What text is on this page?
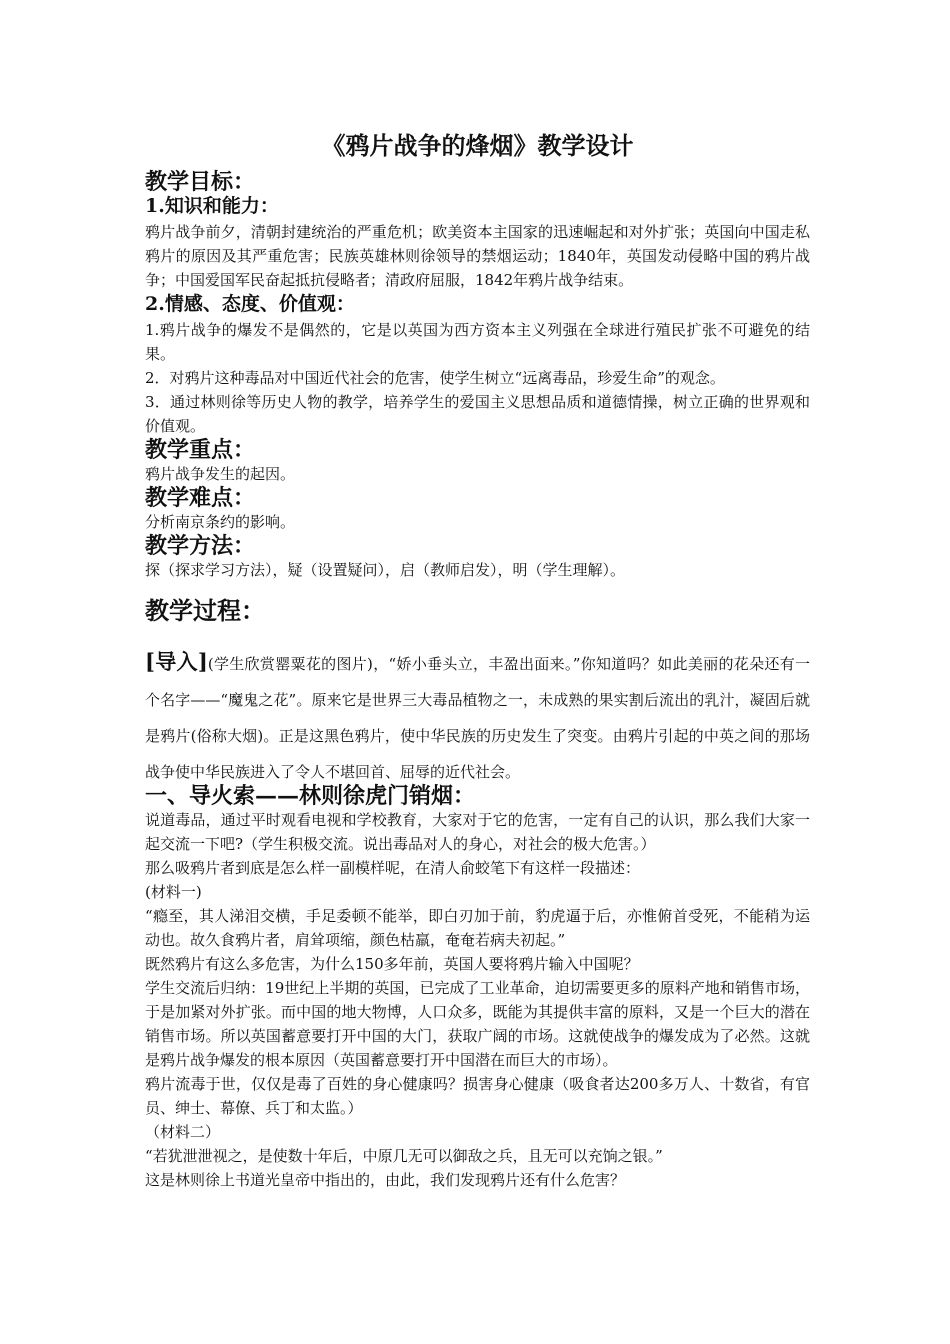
《鸦片战争的烽烟》教学设计
教学目标：
1.知识和能力：

鸦片战争前夕，清朝封建统治的严重危机；欧美资本主国家的迅速崛起和对外扩张；英国向中国走私鸦片的原因及其严重危害；民族英雄林则徐领导的禁烟运动；1840年，英国发动侵略中国的鸦片战争；中国爱国军民奋起抵抗侵略者；清政府屈服，1842年鸦片战争结束。

2.情感、态度、价值观：

1.鸦片战争的爆发不是偶然的，它是以英国为西方资本主义列强在全球进行殖民扩张不可避免的结果。

2．对鸦片这种毒品对中国近代社会的危害，使学生树立“远离毒品，珍爱生命”的观念。

3．通过林则徐等历史人物的教学，培养学生的爱国主义思想品质和道德情操，树立正确的世界观和价值观。

教学重点：

鸦片战争发生的起因。

教学难点：

分析南京条约的影响。

教学方法：

探（探求学习方法），疑（设置疑问），启（教师启发），明（学生理解）。

教学过程：

[导入](学生欣赏罂粟花的图片)，“娇小垂头立，丰盈出面来。”你知道吗？如此美丽的花朵还有一个名字——“魔鬼之花”。原来它是世界三大毒品植物之一，未成熟的果实割后流出的乳汁，凝固后就是鸦片(俗称大烟)。正是这黑色鸦片，使中华民族的历史发生了突变。由鸦片引起的中英之间的那场战争使中华民族进入了令人不堪回首、屈辱的近代社会。

一、导火索——林则徐虎门销烟：

说道毒品，通过平时观看电视和学校教育，大家对于它的危害，一定有自己的认识，那么我们大家一起交流一下吧?（学生积极交流。说出毒品对人的身心，对社会的极大危害。）

那么吸鸦片者到底是怎么样一副模样呢，在清人俞蛟笔下有这样一段描述：

(材料一)

“瘾至，其人涕泪交横，手足委顿不能举，即白刃加于前，豹虎逼于后，亦惟俯首受死，不能稍为运动也。故久食鸦片者，肩耸项缩，颜色枯羸，奄奄若病夫初起。”

既然鸦片有这么多危害，为什么150多年前，英国人要将鸦片输入中国呢？

学生交流后归纳：19世纪上半期的英国，已完成了工业革命，迫切需要更多的原料产地和销售市场，于是加紧对外扩张。而中国的地大物博，人口众多，既能为其提供丰富的原料，又是一个巨大的潜在销售市场。所以英国蓄意要打开中国的大门，获取广阔的市场。这就使战争的爆发成为了必然。这就是鸦片战争爆发的根本原因（英国蓄意要打开中国潜在而巨大的市场）。

鸦片流毒于世，仅仅是毒了百姓的身心健康吗？损害身心健康（吸食者达200多万人、十数省，有官员、绅士、幕僚、兵丁和太监。）

（材料二）

“若犹泄泄视之，是使数十年后，中原几无可以御敌之兵，且无可以充饷之银。”

这是林则徐上书道光皇帝中指出的，由此，我们发现鸦片还有什么危害？
